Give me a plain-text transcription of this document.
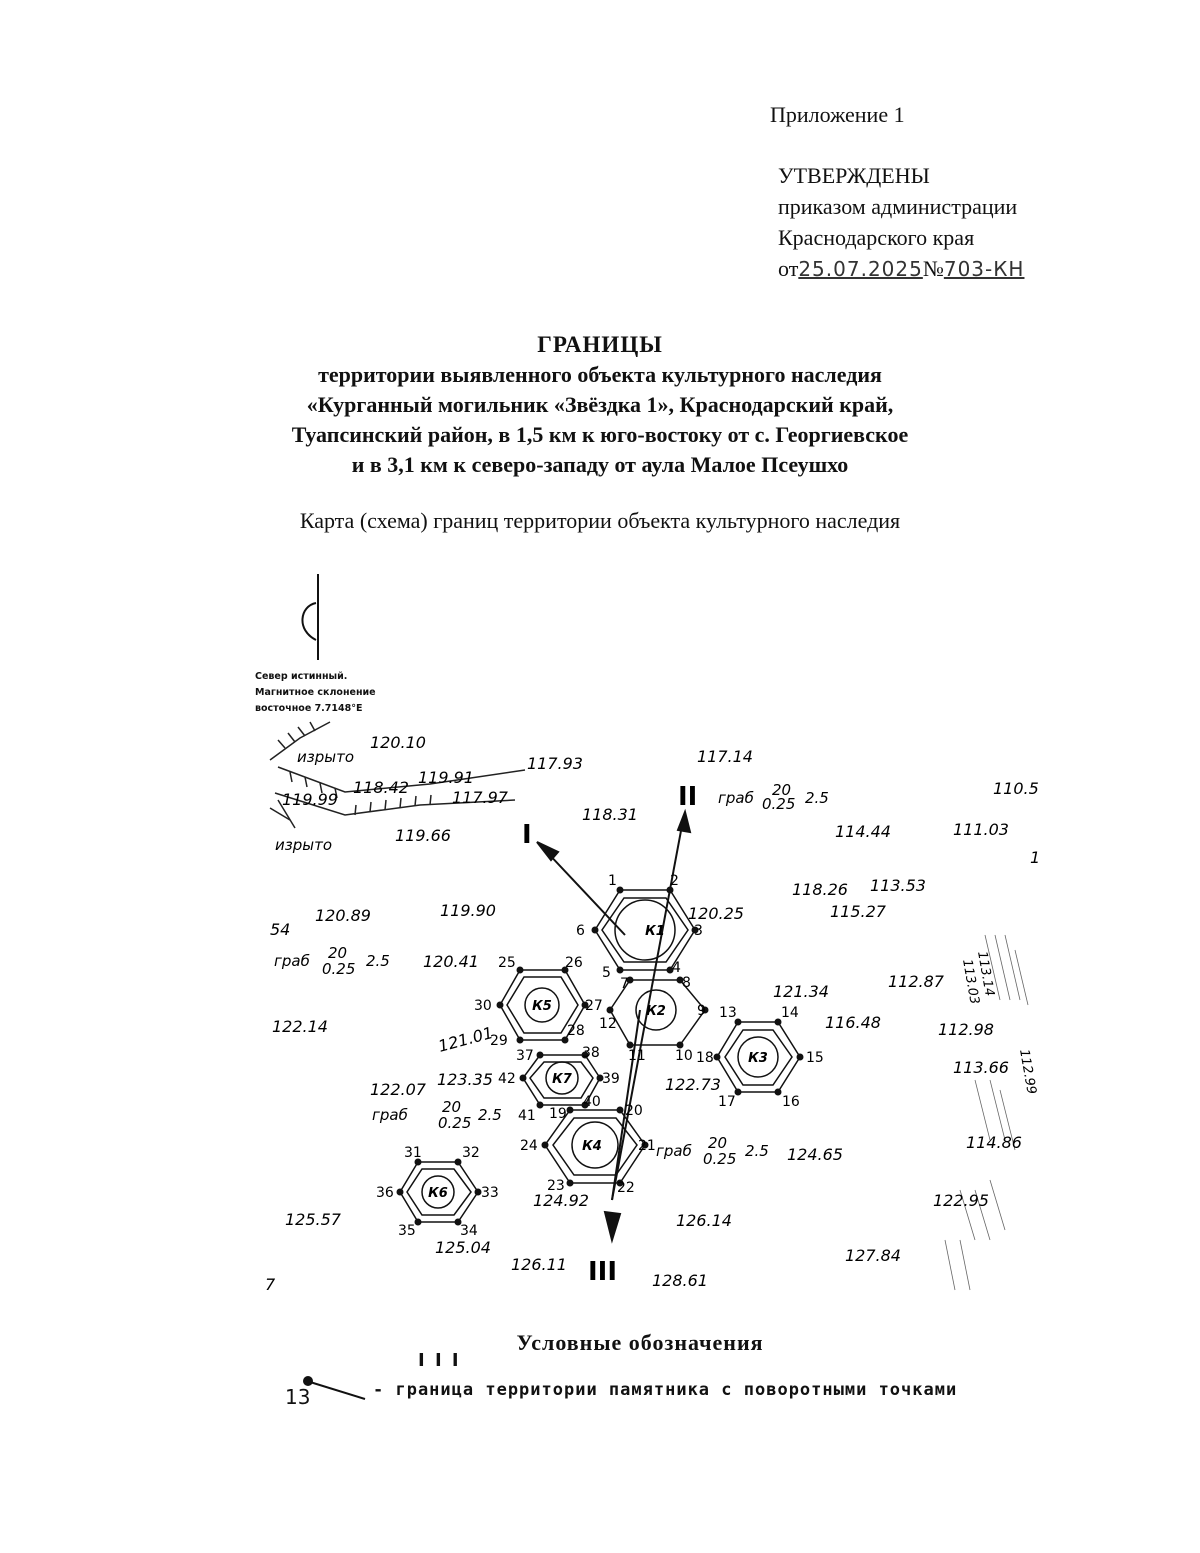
Приложение 1
УТВЕРЖДЕНЫ
приказом администрации
Краснодарского края
от25.07.2025№703-КН
ГРАНИЦЫ
территории выявленного объекта культурного наследия
«Курганный могильник «Звёздка 1», Краснодарский край,
Туапсинский район, в 1,5 км к юго-востоку от с. Георгиевское
и в 3,1 км к северо-западу от аула Малое Псеушхо
Карта (схема) границ территории объекта культурного наследия
Север истинный.
Магнитное склонение
восточное 7.7148°E
I
II
III
К1
К2
К3
К4
К5
К6
К7
1	2
3
4
5
6
7	8
9
10
11
12
13	14
15
16
17
18
19	20
21
22
23
24
25	26
27
28
29
30
31	32
33
34
35
36
37	38
39
40
41
42
120.10
117.93	117.14
118.42
119.91
117.97
119.99
119.66
118.31
110.5
114.44	111.03
118.26 113.53
115.27
120.89	119.90	120.25
120.41
121.34
116.48
112.87 113.14
113.03
122.14	121.01	112.98
113.66 112.99
122.07
123.35	122.73
124.65
114.86
124.92
125.57
125.04
126.14
122.95
126.11
128.61
127.84
54
1
7
изрыто
изрыто
граб 20
0.25 2.5
граб 20
0.25 2.5
граб 20
0.25 2.5
граб 20
0.25 2.5
Условные обозначения
I I I
13	- граница территории памятника с поворотными точками
